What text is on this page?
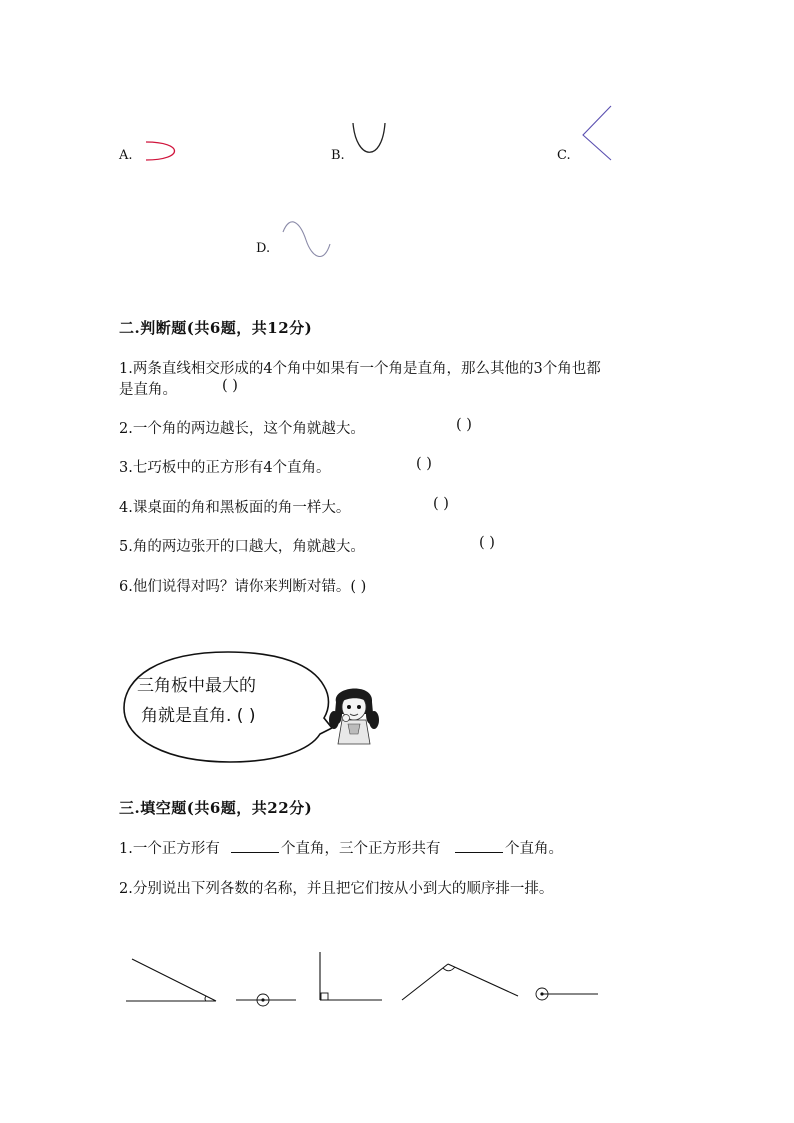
A.	B.	C.
D.
二.判断题(共6题，共12分)
1.两条直线相交形成的4个角中如果有一个角是直角，那么其他的3个角也都
是直角。	( )
2.一个角的两边越长，这个角就越大。	( )
3.七巧板中的正方形有4个直角。	( )
4.课桌面的角和黑板面的角一样大。	( )
5.角的两边张开的口越大，角就越大。	( )
6.他们说得对吗？请你来判断对错。( )
三角板中最大的
角就是直角. ( )
三.填空题(共6题，共22分)
1.一个正方形有	个直角，三个正方形共有	个直角。
2.分别说出下列各数的名称，并且把它们按从小到大的顺序排一排。
